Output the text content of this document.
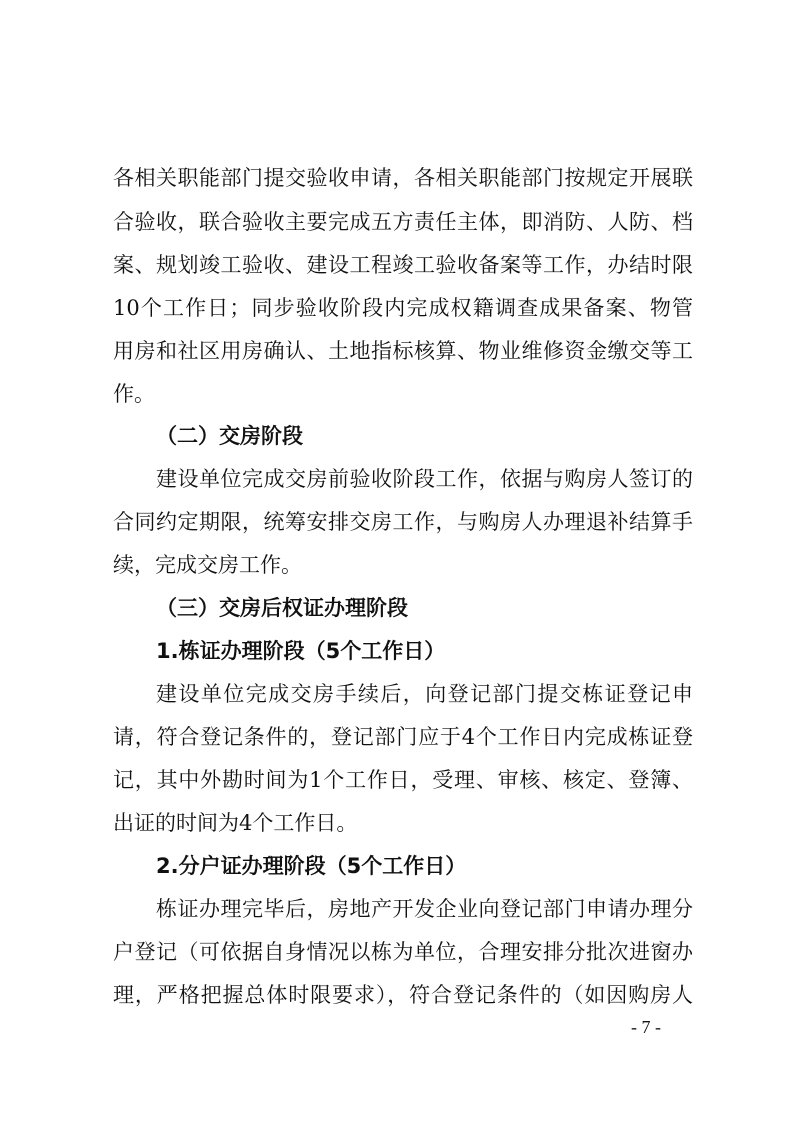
各相关职能部门提交验收申请，各相关职能部门按规定开展联
合验收，联合验收主要完成五方责任主体，即消防、人防、档
案、规划竣工验收、建设工程竣工验收备案等工作，办结时限
10个工作日；同步验收阶段内完成权籍调查成果备案、物管
用房和社区用房确认、土地指标核算、物业维修资金缴交等工
作。
（二）交房阶段
建设单位完成交房前验收阶段工作，依据与购房人签订的
合同约定期限，统筹安排交房工作，与购房人办理退补结算手
续，完成交房工作。
（三）交房后权证办理阶段
1.栋证办理阶段（5个工作日）
建设单位完成交房手续后，向登记部门提交栋证登记申
请，符合登记条件的，登记部门应于4个工作日内完成栋证登
记，其中外勘时间为1个工作日，受理、审核、核定、登簿、
出证的时间为4个工作日。
2.分户证办理阶段（5个工作日）
栋证办理完毕后，房地产开发企业向登记部门申请办理分
户登记（可依据自身情况以栋为单位，合理安排分批次进窗办
理，严格把握总体时限要求），符合登记条件的（如因购房人
- 7 -
